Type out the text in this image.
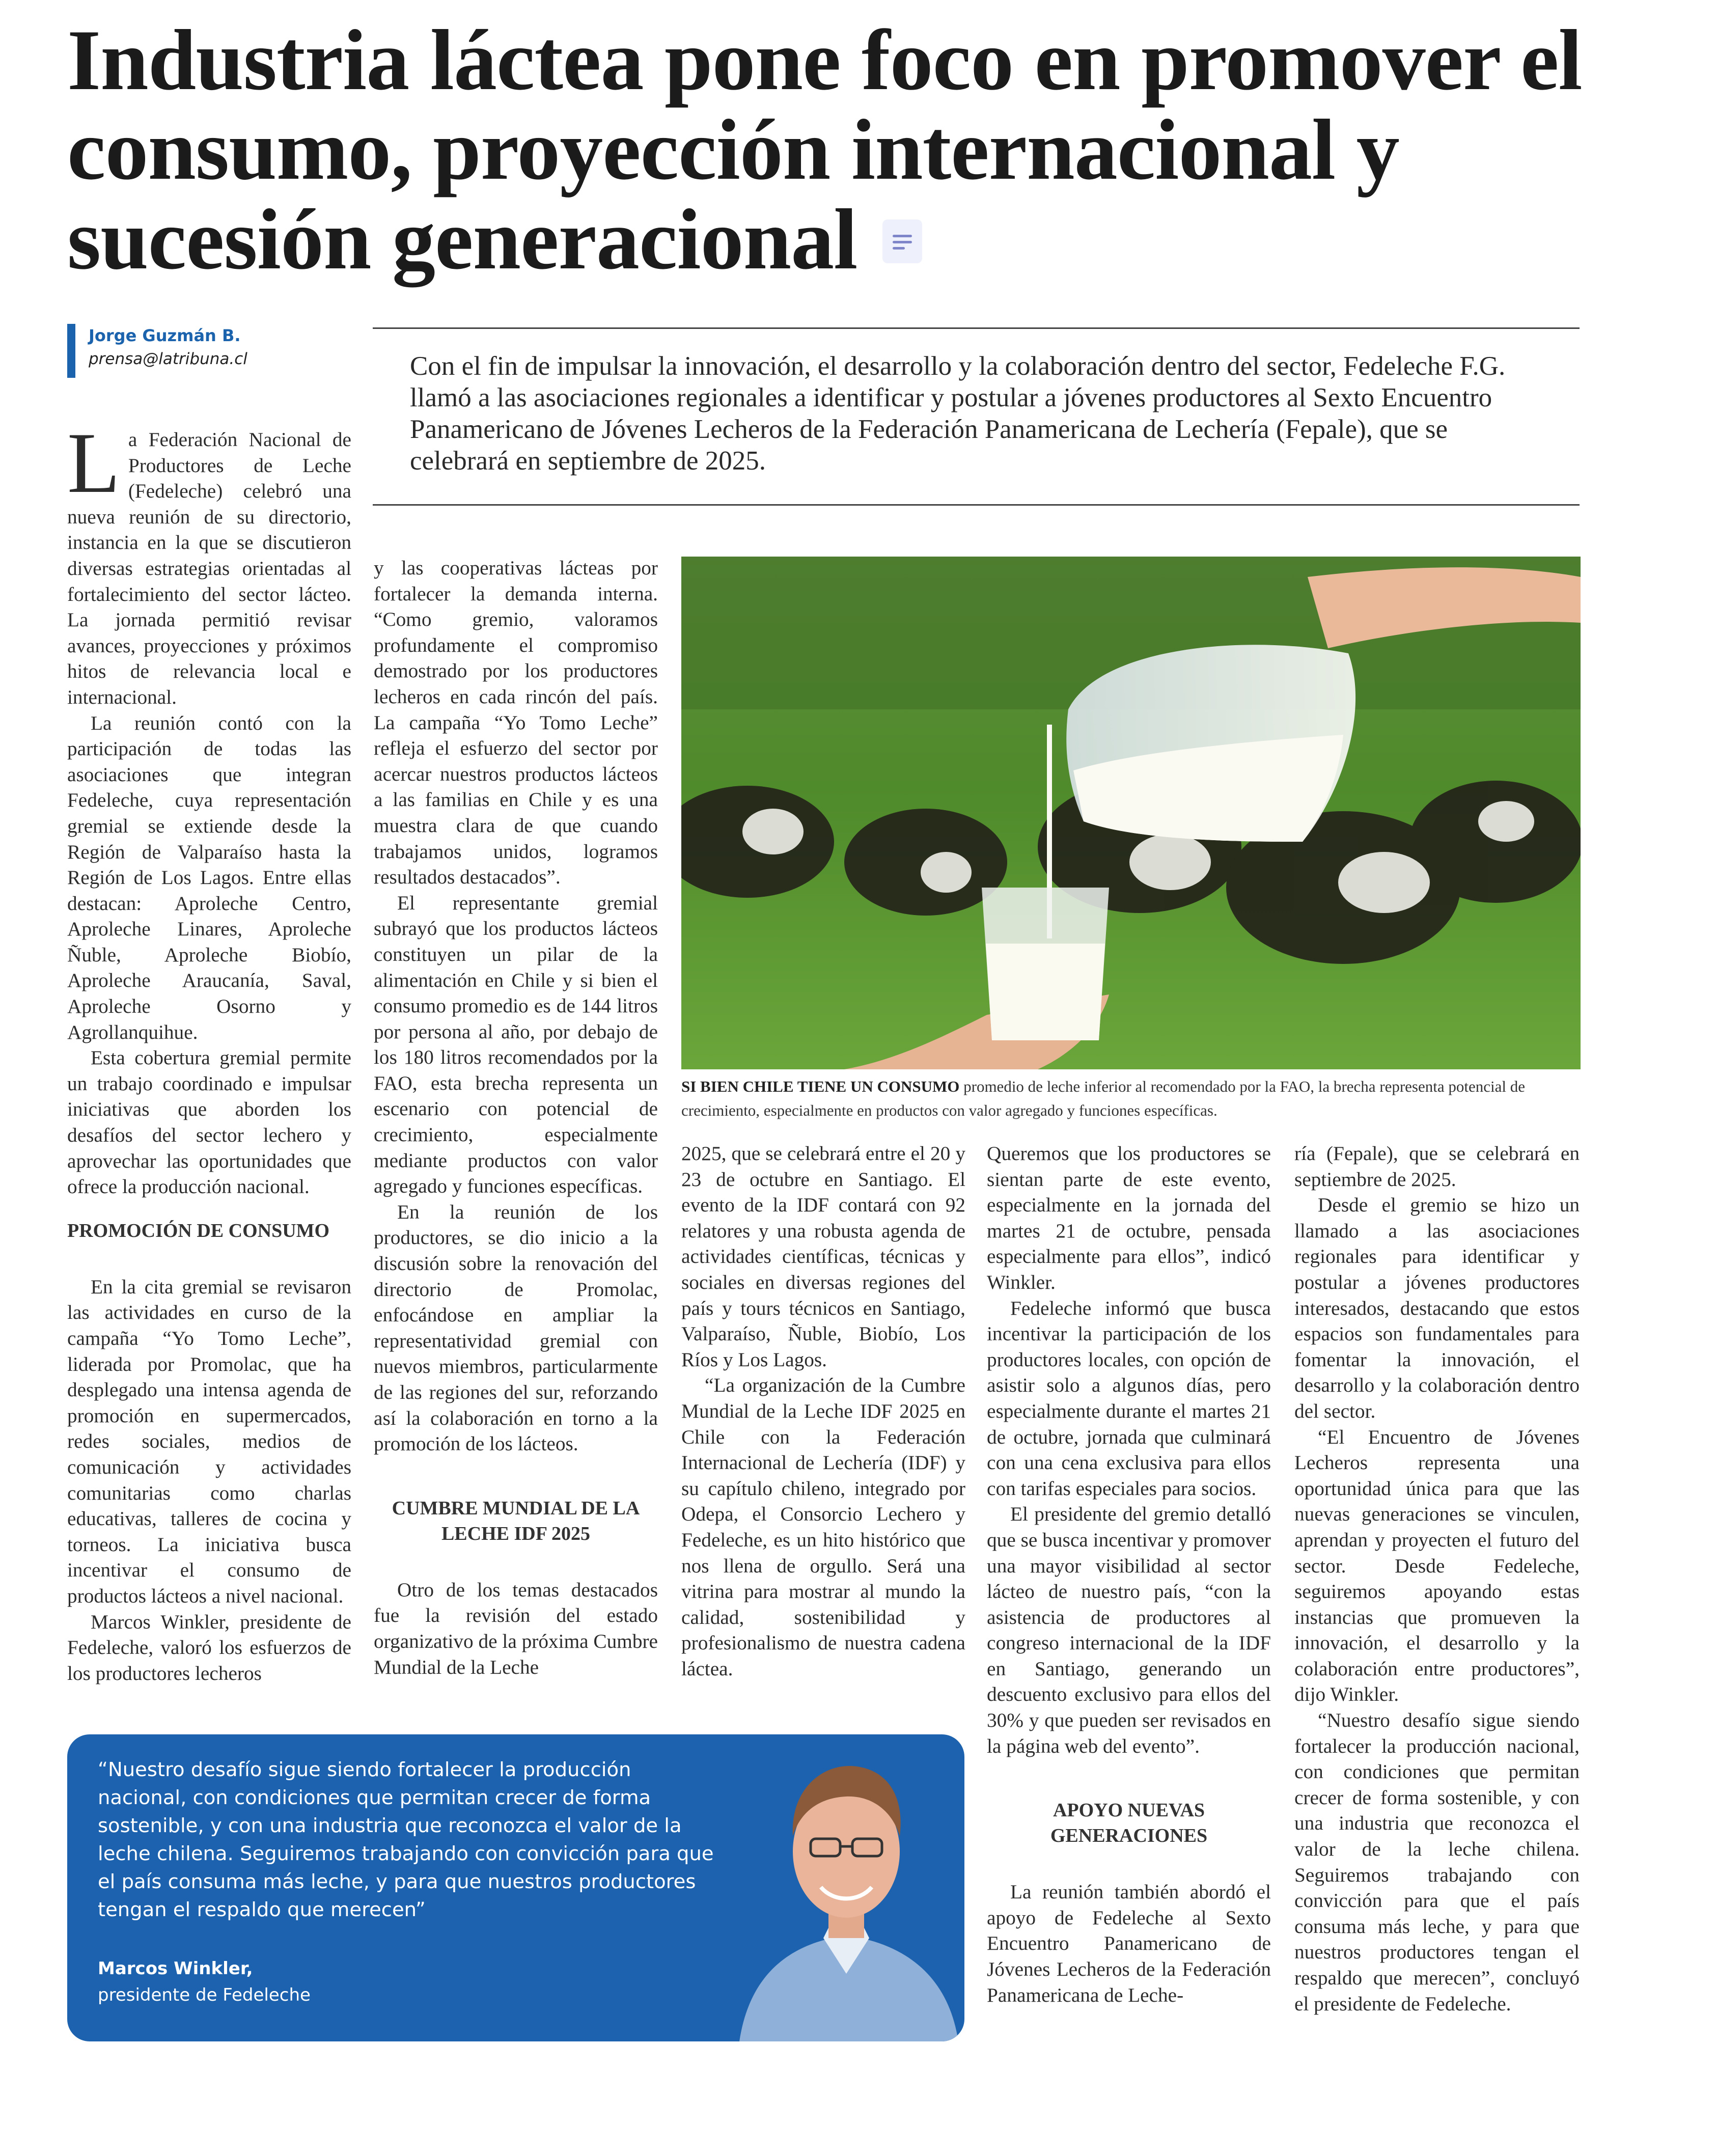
Industria láctea pone foco en promover el consumo, proyección internacional y sucesión generacional
Jorge Guzmán B.
prensa@latribuna.cl	Con el fin de impulsar la innovación, el desarrollo y la colaboración dentro del sector, Fedeleche F.G. llamó a las asociaciones regionales a identificar y postular a jóvenes productores al Sexto Encuentro Panamericano de Jóvenes Lecheros de la Federación Panamericana de Lechería (Fepale), que se celebrará en septiembre de 2025.

La Federación Nacional de Productores de Leche (Fedeleche) celebró una nueva reunión de su directorio, instancia en la que se discutieron diversas estrategias orientadas al fortalecimiento del sector lácteo. La jornada permitió revisar avances, proyecciones y próximos hitos de relevancia local e internacional.

La reunión contó con la participación de todas las asociaciones que integran Fedeleche, cuya representación gremial se extiende desde la Región de Valparaíso hasta la Región de Los Lagos. Entre ellas destacan: Aproleche Centro, Aproleche Linares, Aproleche Ñuble, Aproleche Biobío, Aproleche Araucanía, Saval, Aproleche Osorno y Agrollanquihue.

Esta cobertura gremial permite un trabajo coordinado e impulsar iniciativas que aborden los desafíos del sector lechero y aprovechar las oportunidades que ofrece la producción nacional.

PROMOCIÓN DE CONSUMO

En la cita gremial se revisaron las actividades en curso de la campaña “Yo Tomo Leche”, liderada por Promolac, que ha desplegado una intensa agenda de promoción en supermercados, redes sociales, medios de comunicación y actividades comunitarias como charlas educativas, talleres de cocina y torneos. La iniciativa busca incentivar el consumo de productos lácteos a nivel nacional.

Marcos Winkler, presidente de Fedeleche, valoró los esfuerzos de los productores lecheros

y las cooperativas lácteas por fortalecer la demanda interna. “Como gremio, valoramos profundamente el compromiso demostrado por los productores lecheros en cada rincón del país. La campaña “Yo Tomo Leche” refleja el esfuerzo del sector por acercar nuestros productos lácteos a las familias en Chile y es una muestra clara de que cuando trabajamos unidos, logramos resultados destacados”.

El representante gremial subrayó que los productos lácteos constituyen un pilar de la alimentación en Chile y si bien el consumo promedio es de 144 litros por persona al año, por debajo de los 180 litros recomendados por la FAO, esta brecha representa un escenario con potencial de crecimiento, especialmente mediante productos con valor agregado y funciones específicas.

En la reunión de los productores, se dio inicio a la discusión sobre la renovación del directorio de Promolac, enfocándose en ampliar la representatividad gremial con nuevos miembros, particularmente de las regiones del sur, reforzando así la colaboración en torno a la promoción de los lácteos.

CUMBRE MUNDIAL DE LA LECHE IDF 2025

Otro de los temas destacados fue la revisión del estado organizativo de la próxima Cumbre Mundial de la Leche

SI BIEN CHILE TIENE UN CONSUMO promedio de leche inferior al recomendado por la FAO, la brecha representa potencial de crecimiento, especialmente en productos con valor agregado y funciones específicas.

2025, que se celebrará entre el 20 y 23 de octubre en Santiago. El evento de la IDF contará con 92 relatores y una robusta agenda de actividades científicas, técnicas y sociales en diversas regiones del país y tours técnicos en Santiago, Valparaíso, Ñuble, Biobío, Los Ríos y Los Lagos.

“La organización de la Cumbre Mundial de la Leche IDF 2025 en Chile con la Federación Internacional de Lechería (IDF) y su capítulo chileno, integrado por Odepa, el Consorcio Lechero y Fedeleche, es un hito histórico que nos llena de orgullo. Será una vitrina para mostrar al mundo la calidad, sostenibilidad y profesionalismo de nuestra cadena láctea.

Queremos que los productores se sientan parte de este evento, especialmente en la jornada del martes 21 de octubre, pensada especialmente para ellos”, indicó Winkler.

Fedeleche informó que busca incentivar la participación de los productores locales, con opción de asistir solo a algunos días, pero especialmente durante el martes 21 de octubre, jornada que culminará con una cena exclusiva para ellos con tarifas especiales para socios.

El presidente del gremio detalló que se busca incentivar y promover una mayor visibilidad al sector lácteo de nuestro país, “con la asistencia de productores al congreso internacional de la IDF en Santiago, generando un descuento exclusivo para ellos del 30% y que pueden ser revisados en la página web del evento”.

APOYO NUEVAS GENERACIONES

La reunión también abordó el apoyo de Fedeleche al Sexto Encuentro Panamericano de Jóvenes Lecheros de la Federación Panamericana de Leche-

ría (Fepale), que se celebrará en septiembre de 2025.

Desde el gremio se hizo un llamado a las asociaciones regionales para identificar y postular a jóvenes productores interesados, destacando que estos espacios son fundamentales para fomentar la innovación, el desarrollo y la colaboración dentro del sector.

“El Encuentro de Jóvenes Lecheros representa una oportunidad única para que las nuevas generaciones se vinculen, aprendan y proyecten el futuro del sector. Desde Fedeleche, seguiremos apoyando estas instancias que promueven la innovación, el desarrollo y la colaboración entre productores”, dijo Winkler.

“Nuestro desafío sigue siendo fortalecer la producción nacional, con condiciones que permitan crecer de forma sostenible, y con una industria que reconozca el valor de la leche chilena. Seguiremos trabajando con convicción para que el país consuma más leche, y para que nuestros productores tengan el respaldo que merecen”, concluyó el presidente de Fedeleche.

“Nuestro desafío sigue siendo fortalecer la producción nacional, con condiciones que permitan crecer de forma sostenible, y con una industria que reconozca el valor de la leche chilena. Seguiremos trabajando con convicción para que el país consuma más leche, y para que nuestros productores tengan el respaldo que merecen”

Marcos Winkler,
presidente de Fedeleche
